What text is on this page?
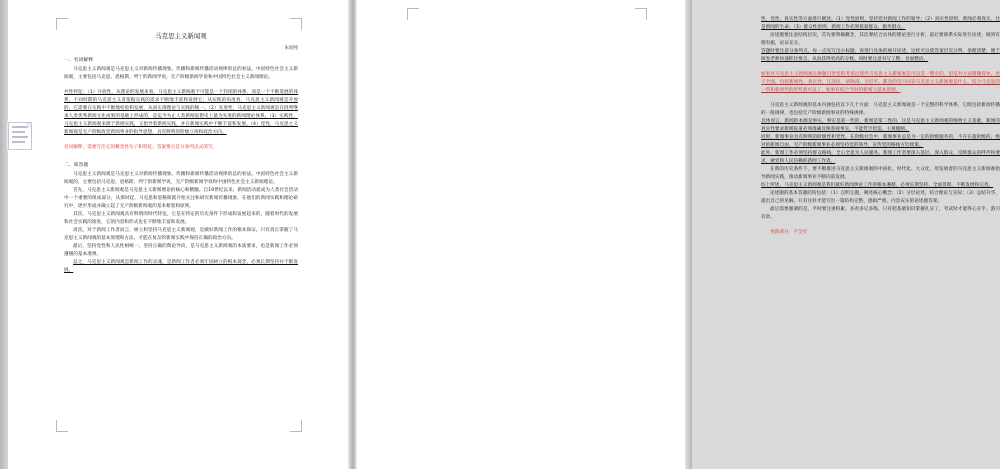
马克思主义新闻观
朱绍纯
一、名词解释

马克思主义新闻观是马克思主义对新闻传播现象、传播和新闻传播活动规律的总的看法。中国特色社会主义新闻观，主要包括马克思、恩格斯、列宁的新闻学说，无产阶级新闻学说和中国特色社会主义新闻理论。

共性特征：（1）开放性，从理论的发展来看，马克思主义新闻观不可能是一个封闭的体系，而是一个不断发展的体系，不同时期的马克思主义者依据实践的需求不断地丰富和发展它；从实践的角度看，马克思主义新闻观是开放的，它需要在实践中不断地检验和发展，从而实现理论与实践的统一。（2）先进性，马克思主义新闻观是在批判继承人类优秀新闻文化成果的基础上形成的，是迄今为止人类新闻思想史上最为先进的新闻理论体系。（3）实践性，马克思主义新闻观来源于新闻实践，又指导着新闻实践，并在新闻实践中不断丰富和发展。（4）党性，马克思主义新闻观是无产阶级政党新闻事业的指导思想，具有鲜明的阶级立场和政治方向。

名词解释，需要写出它的概念性句子和特征。答案要点是分条列点式的写。

二、简答题

马克思主义新闻观是马克思主义对新闻传播现象、传播和新闻传播活动规律的总的看法。中国特色社会主义新闻观的，主要包括马克思、恩格斯、列宁的新闻学说，无产阶级新闻学说和中国特色社会主义新闻理论。

首先，马克思主义新闻观是马克思主义新闻理论的核心和精髓。自19世纪以来，新闻活动就成为人类社会活动中一个重要的组成部分，从那时起，马克思和恩格斯就开始关注和研究新闻传播现象，在他们的新闻实践和理论研究中，逐步形成并确立起了无产阶级新闻观的基本框架和原则。

其次，马克思主义新闻观具有鲜明的时代特征。它是在特定的历史条件下形成和发展起来的，随着时代的发展和社会实践的推进，它的内容和形式也在不断地丰富和发展。

再次，对于新闻工作者而言，树立和坚持马克思主义新闻观，是做好新闻工作的根本保证。只有真正掌握了马克思主义新闻观的基本原理和方法，才能在复杂的新闻实践中保持正确的政治方向。

最后，坚持党性和人民性相统一，坚持正确的舆论导向，是马克思主义新闻观的本质要求，也是新闻工作必须遵循的基本准则。

总之，马克思主义新闻观是新闻工作的灵魂，是新闻工作者必须牢固树立的根本观念，必须长期坚持并不断发展。

性、党性、真实性等方面进行阐述。（1）党性原则，坚持党对新闻工作的领导；（2）真实性原则，新闻必须真实，这是新闻的生命；（3）群众性原则，新闻工作必须依靠群众、服务群众。

论述题要注意结构层次，首先要明确概念，其次要结合具体的理论进行分析，最后要联系实际进行论述，做到有理有据，论证充分。

答题时要注意分条列点，每一点先写出小标题，再进行具体的展开论述。这样可以使答案层次分明、条理清楚，便于阅卷老师快速抓住要点，从而获得更高的分数。同时要注意书写工整，卷面整洁。

如果对马克思主义新闻观这种题目类型的考查出现代马克思主义新闻观是可以答一整页的，但是对方法稍微简单，也不全面，包括新闻性、真实性、江泽民、胡锦涛、习近平，都会的是只回答马克思主义新闻观是什么，结合马克思的一些和新时代的形势就可以了，如果有结合当时的新闻与基本原则。

马克思主义新闻观的基本内涵包括以下几个方面：马克思主义新闻观是一个完整的科学体系，它既包括新闻传播的一般规律，也包括无产阶级新闻事业的特殊规律。

具体而言，新闻的本源是事实，事实是第一性的，新闻是第二性的，这是马克思主义新闻观的唯物主义基础。新闻的真实性要求新闻报道必须准确反映客观事实，不能凭空捏造、主观臆断。

同时，新闻事业具有鲜明的阶级性和党性。在阶级社会中，新闻事业总是为一定的阶级服务的，不存在超阶级的、绝对的新闻自由。无产阶级新闻事业必须坚持党的领导，宣传党的路线方针政策。

此外，新闻工作必须坚持群众路线，全心全意为人民服务。新闻工作者要深入基层、深入群众，反映群众的呼声和要求，做党和人民信赖的新闻工作者。

在新的历史条件下，要不断推进马克思主义新闻观的中国化、时代化、大众化，用发展着的马克思主义新闻观指导新闻实践，推动新闻事业不断向前发展。

综上所述，马克思主义新闻观是我们做好新闻舆论工作的根本遵循，必须长期坚持、全面贯彻、不断发展和完善。

论述题的基本答题结构包括：（1）点明主题，阐述核心概念；（2）分层论述，结合理论与实际；（3）总结升华，提出自己的见解。只有这样才能写出一篇结构完整、逻辑严密、内容充实的论述题答案。

最后需要强调的是，平时要注重积累，多看多记多练，只有把基础知识掌握扎实了，考试时才能得心应手、游刃有余。

更新部分：不全页
